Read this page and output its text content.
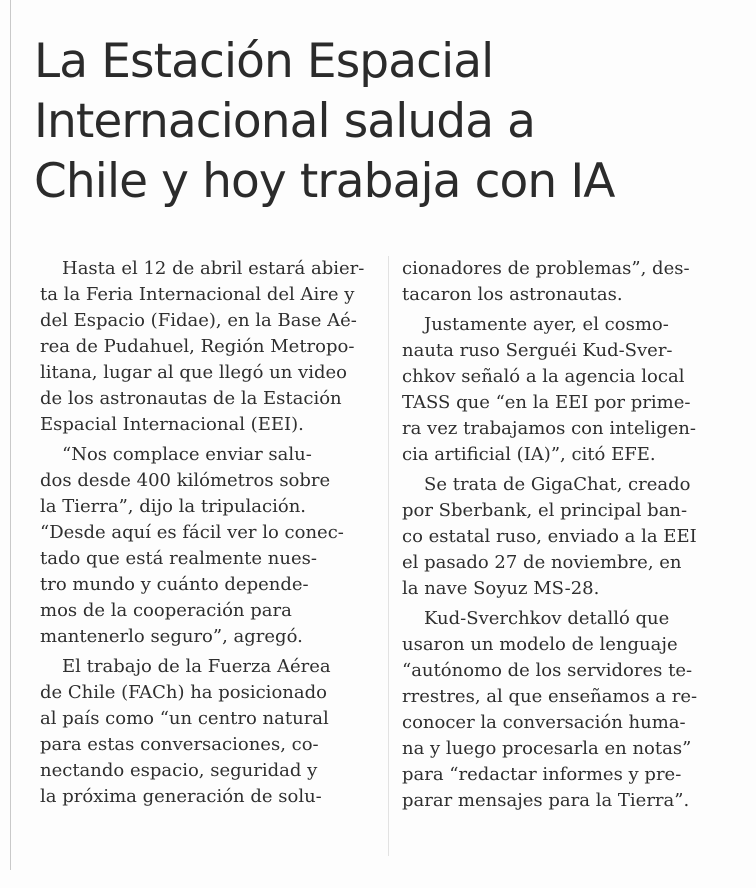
La Estación Espacial
Internacional saluda a
Chile y hoy trabaja con IA
Hasta el 12 de abril estará abier-
ta la Feria Internacional del Aire y
del Espacio (Fidae), en la Base Aé-
rea de Pudahuel, Región Metropo-
litana, lugar al que llegó un video
de los astronautas de la Estación
Espacial Internacional (EEI).
“Nos complace enviar salu-
dos desde 400 kilómetros sobre
la Tierra”, dijo la tripulación.
“Desde aquí es fácil ver lo conec-
tado que está realmente nues-
tro mundo y cuánto depende-
mos de la cooperación para
mantenerlo seguro”, agregó.
El trabajo de la Fuerza Aérea
de Chile (FACh) ha posicionado
al país como “un centro natural
para estas conversaciones, co-
nectando espacio, seguridad y
la próxima generación de solu-
cionadores de problemas”, des-
tacaron los astronautas.
Justamente ayer, el cosmo-
nauta ruso Serguéi Kud-Sver-
chkov señaló a la agencia local
TASS que “en la EEI por prime-
ra vez trabajamos con inteligen-
cia artificial (IA)”, citó EFE.
Se trata de GigaChat, creado
por Sberbank, el principal ban-
co estatal ruso, enviado a la EEI
el pasado 27 de noviembre, en
la nave Soyuz MS-28.
Kud-Sverchkov detalló que
usaron un modelo de lenguaje
“autónomo de los servidores te-
rrestres, al que enseñamos a re-
conocer la conversación huma-
na y luego procesarla en notas”
para “redactar informes y pre-
parar mensajes para la Tierra”.
